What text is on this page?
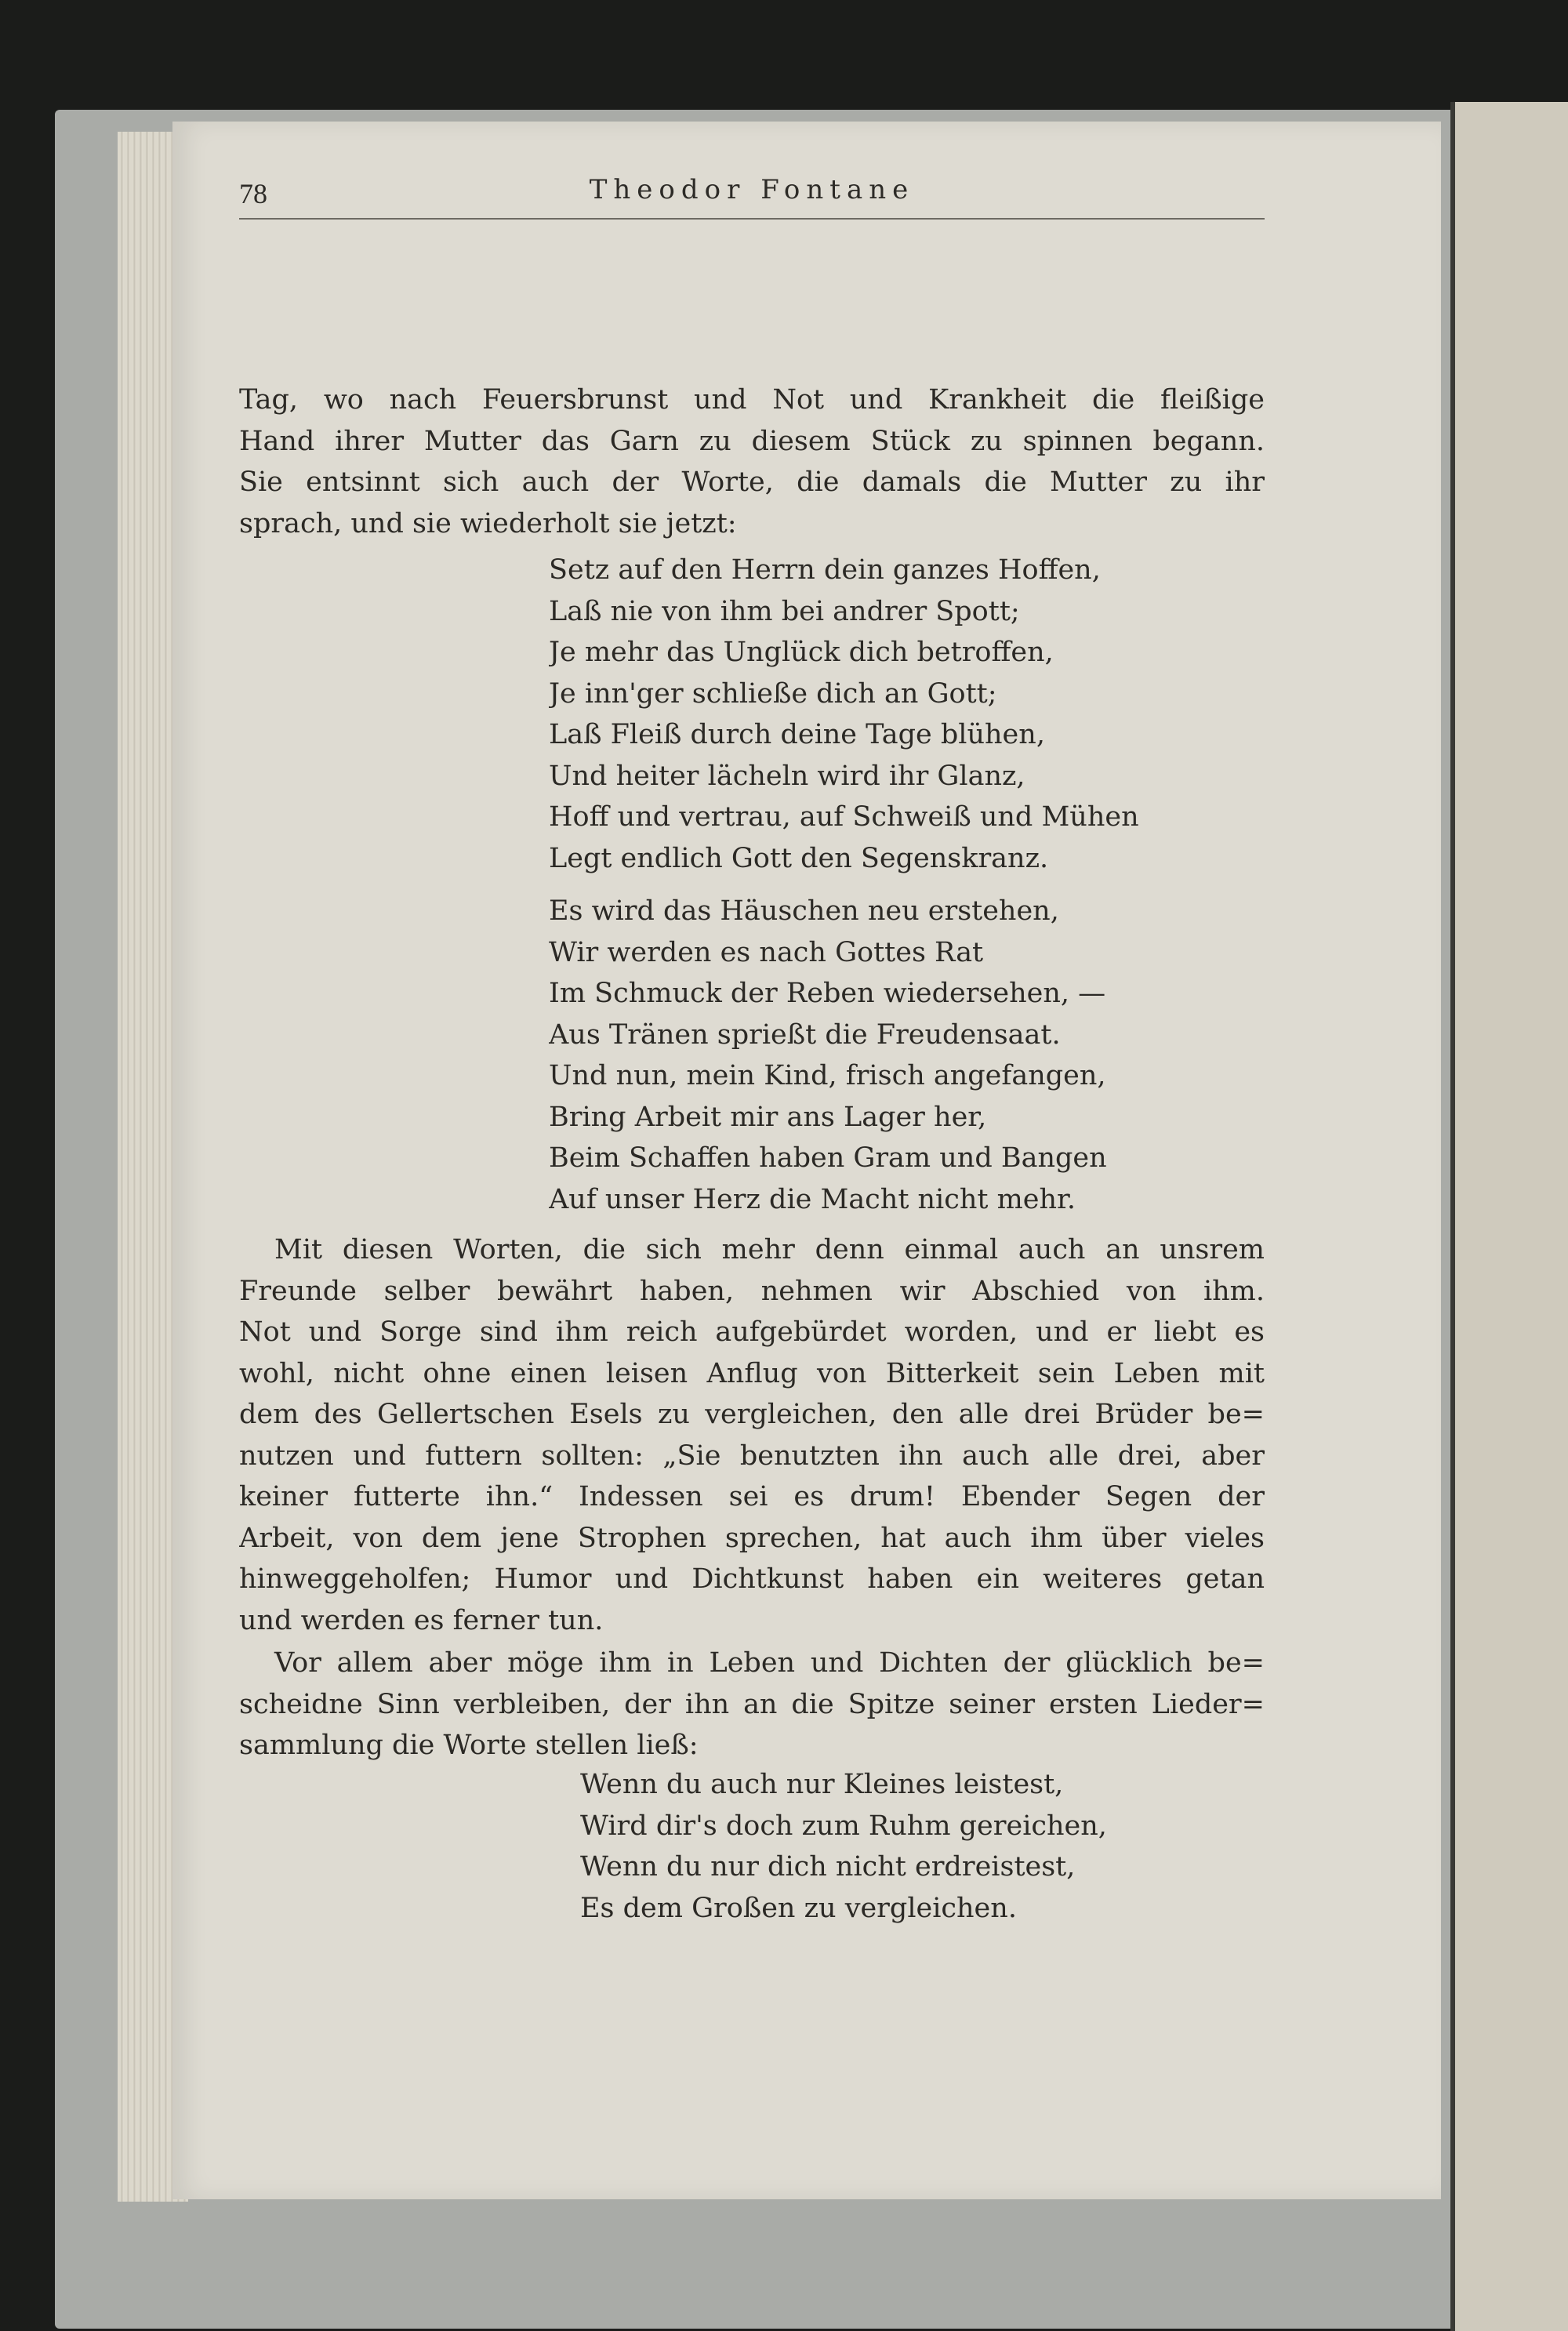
78	Theodor Fontane
Tag, wo nach Feuersbrunst und Not und Krankheit die fleißige
Hand ihrer Mutter das Garn zu diesem Stück zu spinnen begann.
Sie entsinnt sich auch der Worte, die damals die Mutter zu ihr
sprach, und sie wiederholt sie jetzt:
Setz auf den Herrn dein ganzes Hoffen,
Laß nie von ihm bei andrer Spott;
Je mehr das Unglück dich betroffen,
Je inn'ger schließe dich an Gott;
Laß Fleiß durch deine Tage blühen,
Und heiter lächeln wird ihr Glanz,
Hoff und vertrau, auf Schweiß und Mühen
Legt endlich Gott den Segenskranz.
Es wird das Häuschen neu erstehen,
Wir werden es nach Gottes Rat
Im Schmuck der Reben wiedersehen, —
Aus Tränen sprießt die Freudensaat.
Und nun, mein Kind, frisch angefangen,
Bring Arbeit mir ans Lager her,
Beim Schaffen haben Gram und Bangen
Auf unser Herz die Macht nicht mehr.
Mit diesen Worten, die sich mehr denn einmal auch an unsrem
Freunde selber bewährt haben, nehmen wir Abschied von ihm.
Not und Sorge sind ihm reich aufgebürdet worden, und er liebt es
wohl, nicht ohne einen leisen Anflug von Bitterkeit sein Leben mit
dem des Gellertschen Esels zu vergleichen, den alle drei Brüder be=
nutzen und futtern sollten: „Sie benutzten ihn auch alle drei, aber
keiner futterte ihn.“ Indessen sei es drum! Ebender Segen der
Arbeit, von dem jene Strophen sprechen, hat auch ihm über vieles
hinweggeholfen; Humor und Dichtkunst haben ein weiteres getan
und werden es ferner tun.
Vor allem aber möge ihm in Leben und Dichten der glücklich be=
scheidne Sinn verbleiben, der ihn an die Spitze seiner ersten Lieder=
sammlung die Worte stellen ließ:
Wenn du auch nur Kleines leistest,
Wird dir's doch zum Ruhm gereichen,
Wenn du nur dich nicht erdreistest,
Es dem Großen zu vergleichen.
